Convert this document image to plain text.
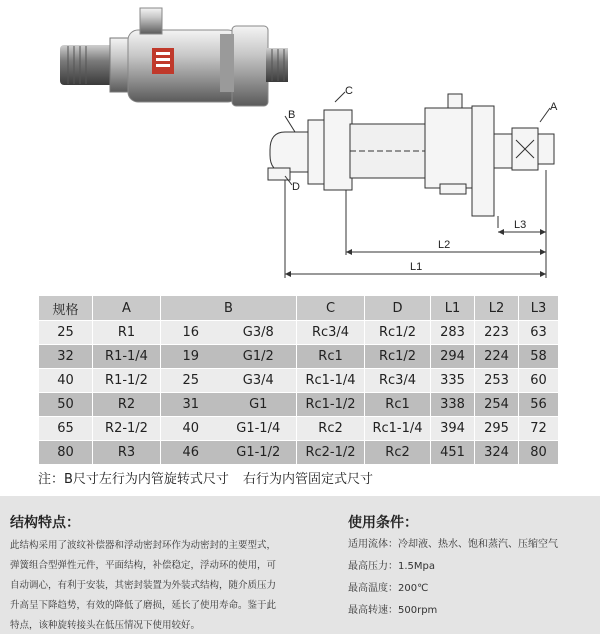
A
B
C
D
L3
L2
L1
规格	A	B		C	D	L1	L2	L3
25	R1	16	G3/8	Rc3/4	Rc1/2	283	223	63
32	R1-1/4	19	G1/2	Rc1	Rc1/2	294	224	58
40	R1-1/2	25	G3/4	Rc1-1/4	Rc3/4	335	253	60
50	R2	31	G1	Rc1-1/2	Rc1	338	254	56
65	R2-1/2	40	G1-1/4	Rc2	Rc1-1/4	394	295	72
80	R3	46	G1-1/2	Rc2-1/2	Rc2	451	324	80
注：B尺寸左行为内管旋转式尺寸 右行为内管固定式尺寸
结构特点：
此结构采用了波纹补偿器和浮动密封环作为动密封的主要型式，
弹簧组合型弹性元件，平面结构，补偿稳定，浮动环的使用，可
自动调心，有利于安装，其密封装置为外装式结构，随介质压力
升高呈下降趋势，有效的降低了磨损，延长了使用寿命。鉴于此
特点，该种旋转接头在低压情况下使用较好。
使用条件：
适用流体：冷却液、热水、饱和蒸汽、压缩空气
最高压力：1.5Mpa
最高温度：200℃
最高转速：500rpm
